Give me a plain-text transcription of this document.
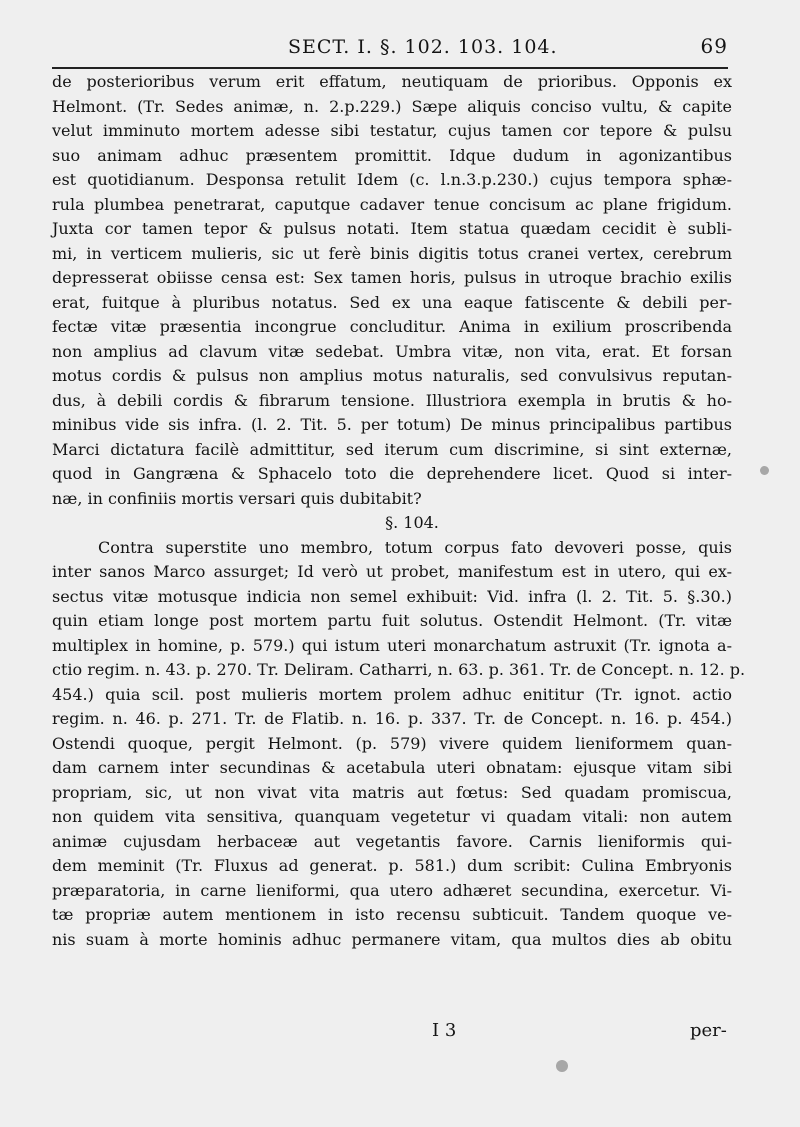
SECT. I. §. 102. 103. 104.	69
de posterioribus verum erit effatum, neutiquam de prioribus. Opponis ex
Helmont. (Tr. Sedes animæ, n. 2.p.229.) Sæpe aliquis conciso vultu, & capite
velut imminuto mortem adesse sibi testatur, cujus tamen cor tepore & pulsu
suo animam adhuc præsentem promittit. Idque dudum in agonizantibus
est quotidianum. Desponsa retulit Idem (c. l.n.3.p.230.) cujus tempora sphæ-
rula plumbea penetrarat, caputque cadaver tenue concisum ac plane frigidum.
Juxta cor tamen tepor & pulsus notati. Item statua quædam cecidit è subli-
mi, in verticem mulieris, sic ut ferè binis digitis totus cranei vertex, cerebrum
depresserat obiisse censa est: Sex tamen horis, pulsus in utroque brachio exilis
erat, fuitque à pluribus notatus. Sed ex una eaque fatiscente & debili per-
fectæ vitæ præsentia incongrue concluditur. Anima in exilium proscribenda
non amplius ad clavum vitæ sedebat. Umbra vitæ, non vita, erat. Et forsan
motus cordis & pulsus non amplius motus naturalis, sed convulsivus reputan-
dus, à debili cordis & fibrarum tensione. Illustriora exempla in brutis & ho-
minibus vide sis infra. (l. 2. Tit. 5. per totum) De minus principalibus partibus
Marci dictatura facilè admittitur, sed iterum cum discrimine, si sint externæ,
quod in Gangræna & Sphacelo toto die deprehendere licet. Quod si inter-
næ, in confiniis mortis versari quis dubitabit?
§. 104.
Contra superstite uno membro, totum corpus fato devoveri posse, quis
inter sanos Marco assurget; Id verò ut probet, manifestum est in utero, qui ex-
sectus vitæ motusque indicia non semel exhibuit: Vid. infra (l. 2. Tit. 5. §.30.)
quin etiam longe post mortem partu fuit solutus. Ostendit Helmont. (Tr. vitæ
multiplex in homine, p. 579.) qui istum uteri monarchatum astruxit (Tr. ignota a-
ctio regim. n. 43. p. 270. Tr. Deliram. Catharri, n. 63. p. 361. Tr. de Concept. n. 12. p.
454.) quia scil. post mulieris mortem prolem adhuc enititur (Tr. ignot. actio
regim. n. 46. p. 271. Tr. de Flatib. n. 16. p. 337. Tr. de Concept. n. 16. p. 454.)
Ostendi quoque, pergit Helmont. (p. 579) vivere quidem lieniformem quan-
dam carnem inter secundinas & acetabula uteri obnatam: ejusque vitam sibi
propriam, sic, ut non vivat vita matris aut fœtus: Sed quadam promiscua,
non quidem vita sensitiva, quanquam vegetetur vi quadam vitali: non autem
animæ cujusdam herbaceæ aut vegetantis favore. Carnis lieniformis qui-
dem meminit (Tr. Fluxus ad generat. p. 581.) dum scribit: Culina Embryonis
præparatoria, in carne lieniformi, qua utero adhæret secundina, exercetur. Vi-
tæ propriæ autem mentionem in isto recensu subticuit. Tandem quoque ve-
nis suam à morte hominis adhuc permanere vitam, qua multos dies ab obitu
I 3	per-
